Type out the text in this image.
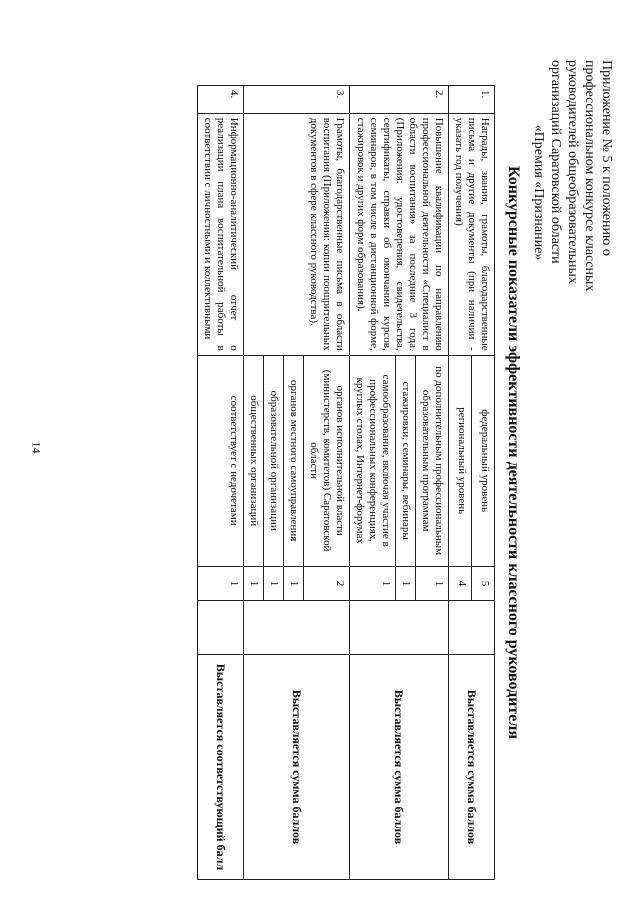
14
Приложение № 5 к положению о
профессиональном конкурсе классных
руководителей общеобразовательных
организаций Саратовской области
«Премия «Признание»
Конкурсные показатели эффективности деятельности классного руководителя
1.	Награды, звания, грамоты, благодарственные письма и другие документы (при наличии - указать год получения)	федеральный уровень	5		Выставляется сумма баллов
		региональный уровень	4		
2.	Повышение квалификации по направлению профессиональной деятельности «Специалист в области воспитания» за последние 3 года. (Приложения: удостоверения, свидетельства, сертификаты, справки об окончании курсов, семинаров, в том числе в дистанционной форме, стажировок и других форм образования).	по дополнительным профессиональным образовательным программам	1		Выставляется сумма баллов
		стажировки, семинары, вебинары	1		
		самообразование, включая участие в профессиональных конференциях, круглых столах, Интернет-форумах	1		
3.	Грамоты, благодарственные письма в области воспитания (Приложения: копии поощрительных документов в сфере классного руководства).	органов исполнительной власти (министерств, комитетов) Саратовской области	2		Выставляется сумма баллов
		органов местного самоуправления	1		
		образовательной организации	1		
		общественных организаций	1		
4.	Информационно-аналитический отчет о реализации плана воспитательной работы в соответствии с личностными и коллективными	соответствует с недочетами	1		Выставляется соответствующий балл
